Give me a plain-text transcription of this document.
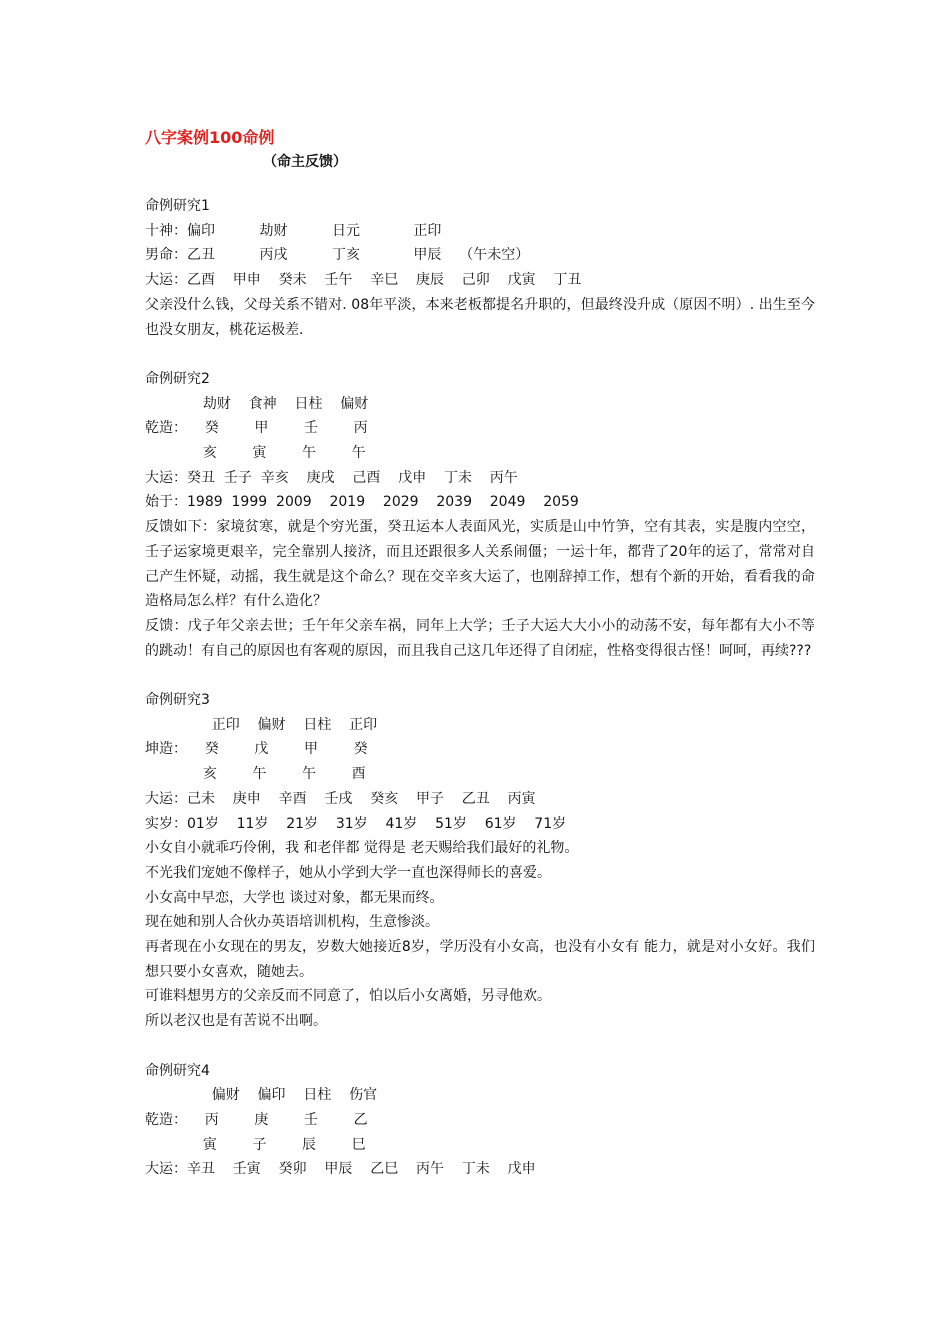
八字案例100命例

（命主反馈）

命例研究1

十神：偏印          劫财          日元            正印

男命：乙丑          丙戌          丁亥            甲辰    （午未空）

大运：乙酉    甲申    癸未    壬午    辛巳    庚辰    己卯    戊寅    丁丑

父亲没什么钱，父母关系不错对. 08年平淡，本来老板都提名升职的，但最终没升成（原因不明）. 出生至今也没女朋友，桃花运极差.

命例研究2

劫财    食神    日柱    偏财

乾造：    癸        甲        壬        丙

亥        寅        午        午

大运：癸丑  壬子  辛亥    庚戌    己酉    戊申    丁未    丙午

始于：1989  1999  2009    2019    2029    2039    2049    2059

反馈如下：家境贫寒，就是个穷光蛋，癸丑运本人表面风光，实质是山中竹笋，空有其表，实是腹内空空，壬子运家境更艰辛，完全靠别人接济，而且还跟很多人关系闹僵；一运十年，都背了20年的运了，常常对自己产生怀疑，动摇，我生就是这个命么？现在交辛亥大运了，也刚辞掉工作，想有个新的开始，看看我的命造格局怎么样？有什么造化？

反馈：戊子年父亲去世；壬午年父亲车祸，同年上大学；壬子大运大大小小的动荡不安，每年都有大小不等的跳动！有自己的原因也有客观的原因，而且我自己这几年还得了自闭症，性格变得很古怪！呵呵，再续???

命例研究3

正印    偏财    日柱    正印

坤造：    癸        戊        甲        癸

亥        午        午        酉

大运：己未    庚申    辛酉    壬戌    癸亥    甲子    乙丑    丙寅

实岁：01岁    11岁    21岁    31岁    41岁    51岁    61岁    71岁

小女自小就乖巧伶俐，我 和老伴都 觉得是 老天赐给我们最好的礼物。

不光我们宠她不像样子，她从小学到大学一直也深得师长的喜爱。

小女高中早恋，大学也 谈过对象，都无果而终。

现在她和别人合伙办英语培训机构，生意惨淡。

再者现在小女现在的男友，岁数大她接近8岁，学历没有小女高，也没有小女有 能力，就是对小女好。我们想只要小女喜欢，随她去。

可谁料想男方的父亲反而不同意了，怕以后小女离婚，另寻他欢。

所以老汉也是有苦说不出啊。

命例研究4

偏财    偏印    日柱    伤官

乾造：    丙        庚        壬        乙

寅        子        辰        巳

大运：辛丑    壬寅    癸卯    甲辰    乙巳    丙午    丁未    戊申
